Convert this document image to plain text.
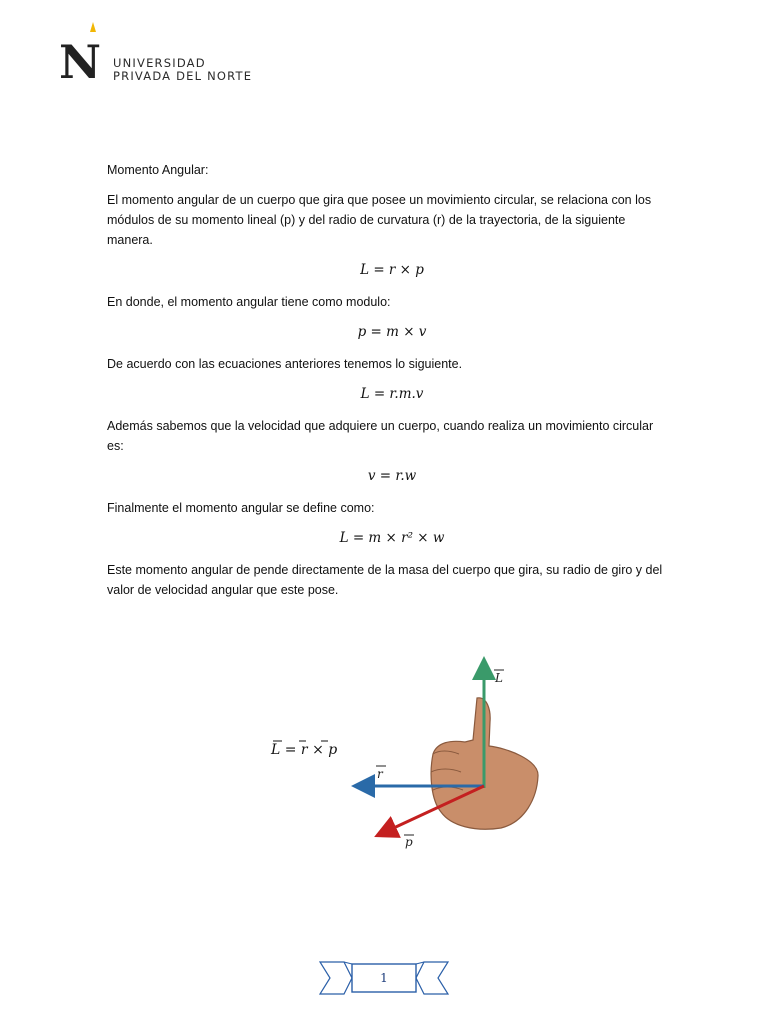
N UNIVERSIDAD
PRIVADA DEL NORTE

Momento Angular:

El momento angular de un cuerpo que gira que posee un movimiento circular, se relaciona con los módulos de su momento lineal (p) y del radio de curvatura (r) de la trayectoria, de la siguiente manera.

L = r × p

En donde, el momento angular tiene como modulo:

p = m × v

De acuerdo con las ecuaciones anteriores tenemos lo siguiente.

L = r.m.v

Además sabemos que la velocidad que adquiere un cuerpo, cuando realiza un movimiento circular es:

v = r.w

Finalmente el momento angular se define como:

L = m × r² × w

Este momento angular de pende directamente de la masa del cuerpo que gira, su radio de giro y del valor de velocidad angular que este pose.

L = r × p
L
r
p
1
